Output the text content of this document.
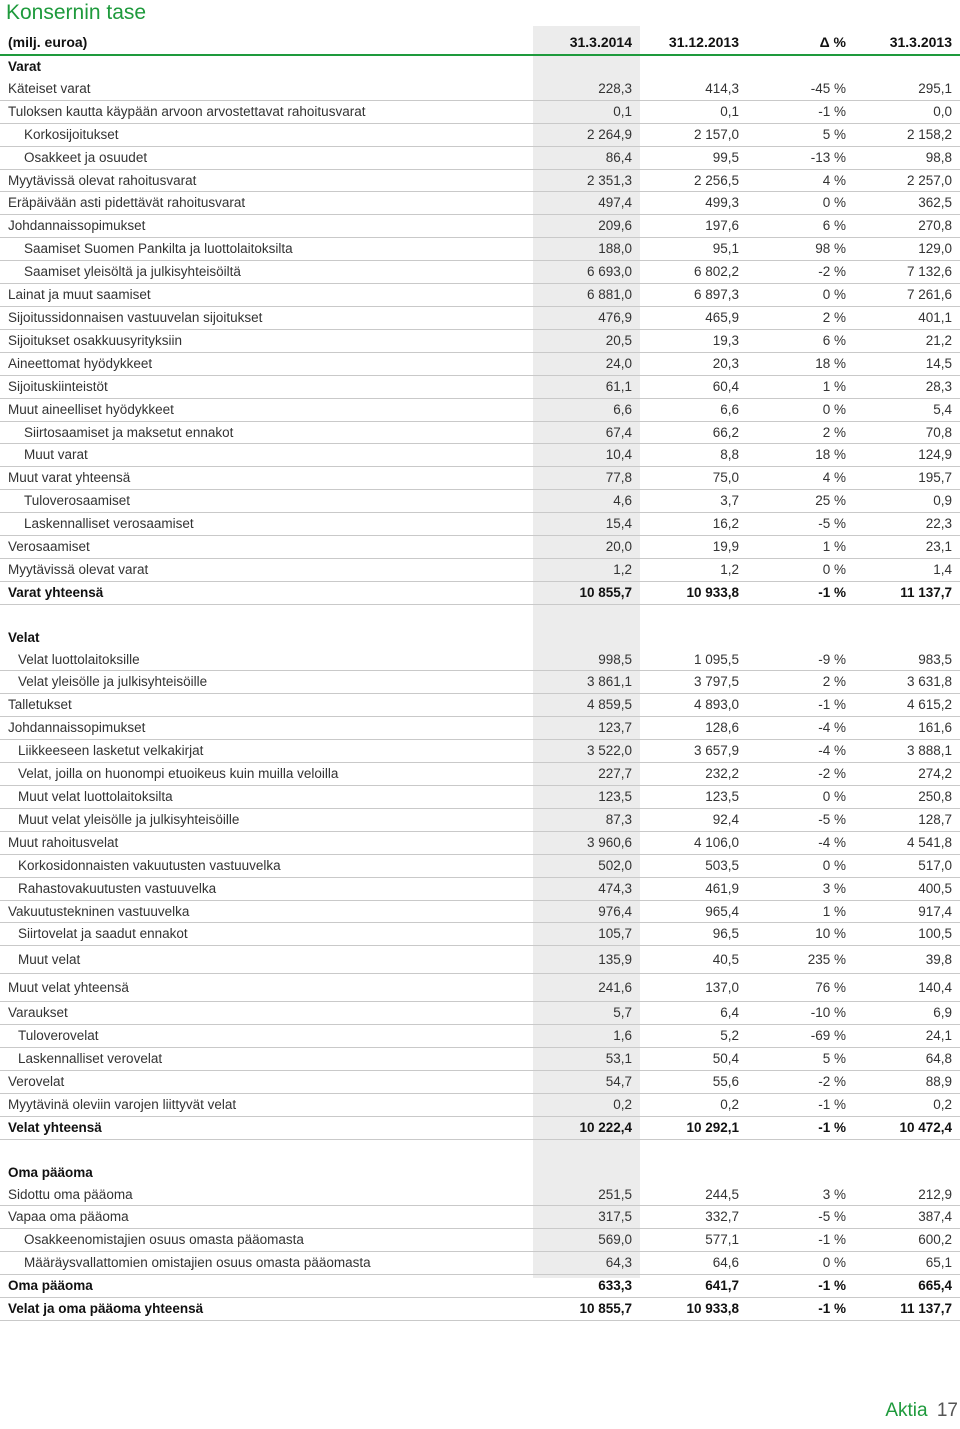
Konsernin tase
(milj. euroa)	31.3.2014	31.12.2013	Δ %	31.3.2013
Varat				
Käteiset varat	228,3	414,3	-45 %	295,1
Tuloksen kautta käypään arvoon arvostettavat rahoitusvarat	0,1	0,1	-1 %	0,0
Korkosijoitukset	2 264,9	2 157,0	5 %	2 158,2
Osakkeet ja osuudet	86,4	99,5	-13 %	98,8
Myytävissä olevat rahoitusvarat	2 351,3	2 256,5	4 %	2 257,0
Eräpäivään asti pidettävät rahoitusvarat	497,4	499,3	0 %	362,5
Johdannaissopimukset	209,6	197,6	6 %	270,8
Saamiset Suomen Pankilta ja luottolaitoksilta	188,0	95,1	98 %	129,0
Saamiset yleisöltä ja julkisyhteisöiltä	6 693,0	6 802,2	-2 %	7 132,6
Lainat ja muut saamiset	6 881,0	6 897,3	0 %	7 261,6
Sijoitussidonnaisen vastuuvelan sijoitukset	476,9	465,9	2 %	401,1
Sijoitukset osakkuusyrityksiin	20,5	19,3	6 %	21,2
Aineettomat hyödykkeet	24,0	20,3	18 %	14,5
Sijoituskiinteistöt	61,1	60,4	1 %	28,3
Muut aineelliset hyödykkeet	6,6	6,6	0 %	5,4
Siirtosaamiset ja maksetut ennakot	67,4	66,2	2 %	70,8
Muut varat	10,4	8,8	18 %	124,9
Muut varat yhteensä	77,8	75,0	4 %	195,7
Tuloverosaamiset	4,6	3,7	25 %	0,9
Laskennalliset verosaamiset	15,4	16,2	-5 %	22,3
Verosaamiset	20,0	19,9	1 %	23,1
Myytävissä olevat varat	1,2	1,2	0 %	1,4
Varat yhteensä	10 855,7	10 933,8	-1 %	11 137,7

Velat				
Velat luottolaitoksille	998,5	1 095,5	-9 %	983,5
Velat yleisölle ja julkisyhteisöille	3 861,1	3 797,5	2 %	3 631,8
Talletukset	4 859,5	4 893,0	-1 %	4 615,2
Johdannaissopimukset	123,7	128,6	-4 %	161,6
Liikkeeseen lasketut velkakirjat	3 522,0	3 657,9	-4 %	3 888,1
Velat, joilla on huonompi etuoikeus kuin muilla veloilla	227,7	232,2	-2 %	274,2
Muut velat luottolaitoksilta	123,5	123,5	0 %	250,8
Muut velat yleisölle ja julkisyhteisöille	87,3	92,4	-5 %	128,7
Muut rahoitusvelat	3 960,6	4 106,0	-4 %	4 541,8
Korkosidonnaisten vakuutusten vastuuvelka	502,0	503,5	0 %	517,0
Rahastovakuutusten vastuuvelka	474,3	461,9	3 %	400,5
Vakuutustekninen vastuuvelka	976,4	965,4	1 %	917,4
Siirtovelat ja saadut ennakot	105,7	96,5	10 %	100,5
Muut velat	135,9	40,5	235 %	39,8
Muut velat yhteensä	241,6	137,0	76 %	140,4
Varaukset	5,7	6,4	-10 %	6,9
Tuloverovelat	1,6	5,2	-69 %	24,1
Laskennalliset verovelat	53,1	50,4	5 %	64,8
Verovelat	54,7	55,6	-2 %	88,9
Myytävinä oleviin varojen liittyvät velat	0,2	0,2	-1 %	0,2
Velat yhteensä	10 222,4	10 292,1	-1 %	10 472,4

Oma pääoma				
Sidottu oma pääoma	251,5	244,5	3 %	212,9
Vapaa oma pääoma	317,5	332,7	-5 %	387,4
Osakkeenomistajien osuus omasta pääomasta	569,0	577,1	-1 %	600,2
Määräysvallattomien omistajien osuus omasta pääomasta	64,3	64,6	0 %	65,1
Oma pääoma	633,3	641,7	-1 %	665,4
Velat ja oma pääoma yhteensä	10 855,7	10 933,8	-1 %	11 137,7
Aktia 17
